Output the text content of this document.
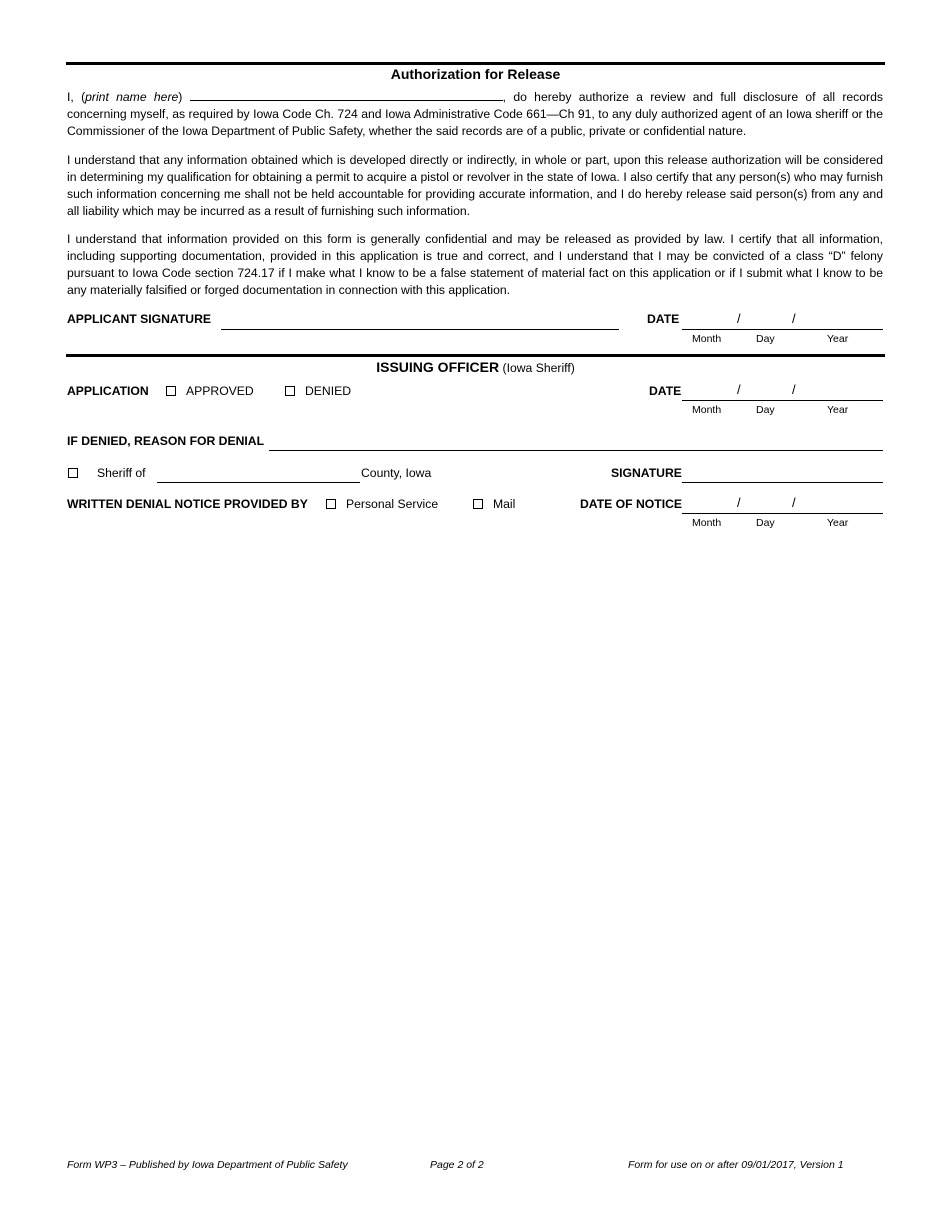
Authorization for Release
I, (print name here)	, do hereby authorize a review and full disclosure of all records concerning myself, as required by Iowa Code Ch. 724 and Iowa Administrative Code 661—Ch 91, to any duly authorized agent of an Iowa sheriff or the Commissioner of the Iowa Department of Public Safety, whether the said records are of a public, private or confidential nature.
I understand that any information obtained which is developed directly or indirectly, in whole or part, upon this release authorization will be considered in determining my qualification for obtaining a permit to acquire a pistol or revolver in the state of Iowa. I also certify that any person(s) who may furnish such information concerning me shall not be held accountable for providing accurate information, and I do hereby release said person(s) from any and all liability which may be incurred as a result of furnishing such information.
I understand that information provided on this form is generally confidential and may be released as provided by law. I certify that all information, including supporting documentation, provided in this application is true and correct, and I understand that I may be convicted of a class “D” felony pursuant to Iowa Code section 724.17 if I make what I know to be a false statement of material fact on this application or if I submit what I know to be any materially falsified or forged documentation in connection with this application.
APPLICANT SIGNATURE	DATE	/	/
Month	Day	Year
ISSUING OFFICER (Iowa Sheriff)
APPLICATION	APPROVED	DENIED	DATE	/	/
Month	Day	Year
IF DENIED, REASON FOR DENIAL
Sheriff of	County, Iowa	SIGNATURE
WRITTEN DENIAL NOTICE PROVIDED BY	Personal Service	Mail	DATE OF NOTICE	/	/
Month	Day	Year
Form WP3 – Published by Iowa Department of Public Safety	Page 2 of 2	Form for use on or after 09/01/2017, Version 1
